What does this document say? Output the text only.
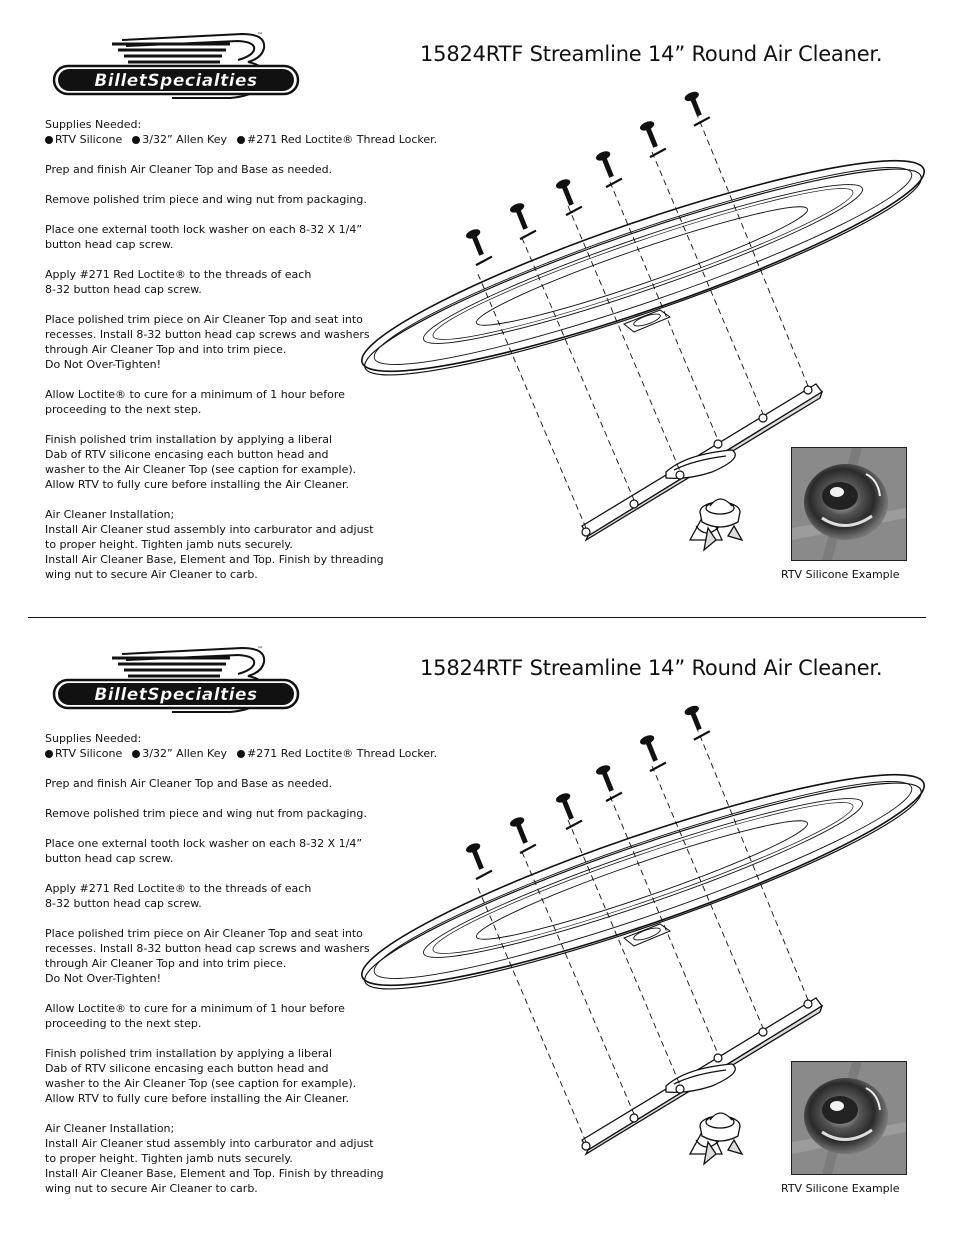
BilletSpecialties
™
15824RTF Streamline 14” Round Air Cleaner.
Supplies Needed:
RTV Silicone	3/32” Allen Key	#271 Red Loctite® Thread Locker.
Prep and finish Air Cleaner Top and Base as needed.
Remove polished trim piece and wing nut from packaging.
Place one external tooth lock washer on each 8-32 X 1/4”
button head cap screw.
Apply #271 Red Loctite® to the threads of each
8-32 button head cap screw.
Place polished trim piece on Air Cleaner Top and seat into
recesses. Install 8-32 button head cap screws and washers
through Air Cleaner Top and into trim piece.
Do Not Over-Tighten!
Allow Loctite® to cure for a minimum of 1 hour before
proceeding to the next step.
Finish polished trim installation by applying a liberal
Dab of RTV silicone encasing each button head and
washer to the Air Cleaner Top (see caption for example).
Allow RTV to fully cure before installing the Air Cleaner.
Air Cleaner Installation;
Install Air Cleaner stud assembly into carburator and adjust
to proper height. Tighten jamb nuts securely.
Install Air Cleaner Base, Element and Top. Finish by threading
wing nut to secure Air Cleaner to carb.	RTV Silicone Example
BilletSpecialties
™
15824RTF Streamline 14” Round Air Cleaner.
Supplies Needed:
RTV Silicone	3/32” Allen Key	#271 Red Loctite® Thread Locker.
Prep and finish Air Cleaner Top and Base as needed.
Remove polished trim piece and wing nut from packaging.
Place one external tooth lock washer on each 8-32 X 1/4”
button head cap screw.
Apply #271 Red Loctite® to the threads of each
8-32 button head cap screw.
Place polished trim piece on Air Cleaner Top and seat into
recesses. Install 8-32 button head cap screws and washers
through Air Cleaner Top and into trim piece.
Do Not Over-Tighten!
Allow Loctite® to cure for a minimum of 1 hour before
proceeding to the next step.
Finish polished trim installation by applying a liberal
Dab of RTV silicone encasing each button head and
washer to the Air Cleaner Top (see caption for example).
Allow RTV to fully cure before installing the Air Cleaner.
Air Cleaner Installation;
Install Air Cleaner stud assembly into carburator and adjust
to proper height. Tighten jamb nuts securely.
Install Air Cleaner Base, Element and Top. Finish by threading
wing nut to secure Air Cleaner to carb.	RTV Silicone Example
